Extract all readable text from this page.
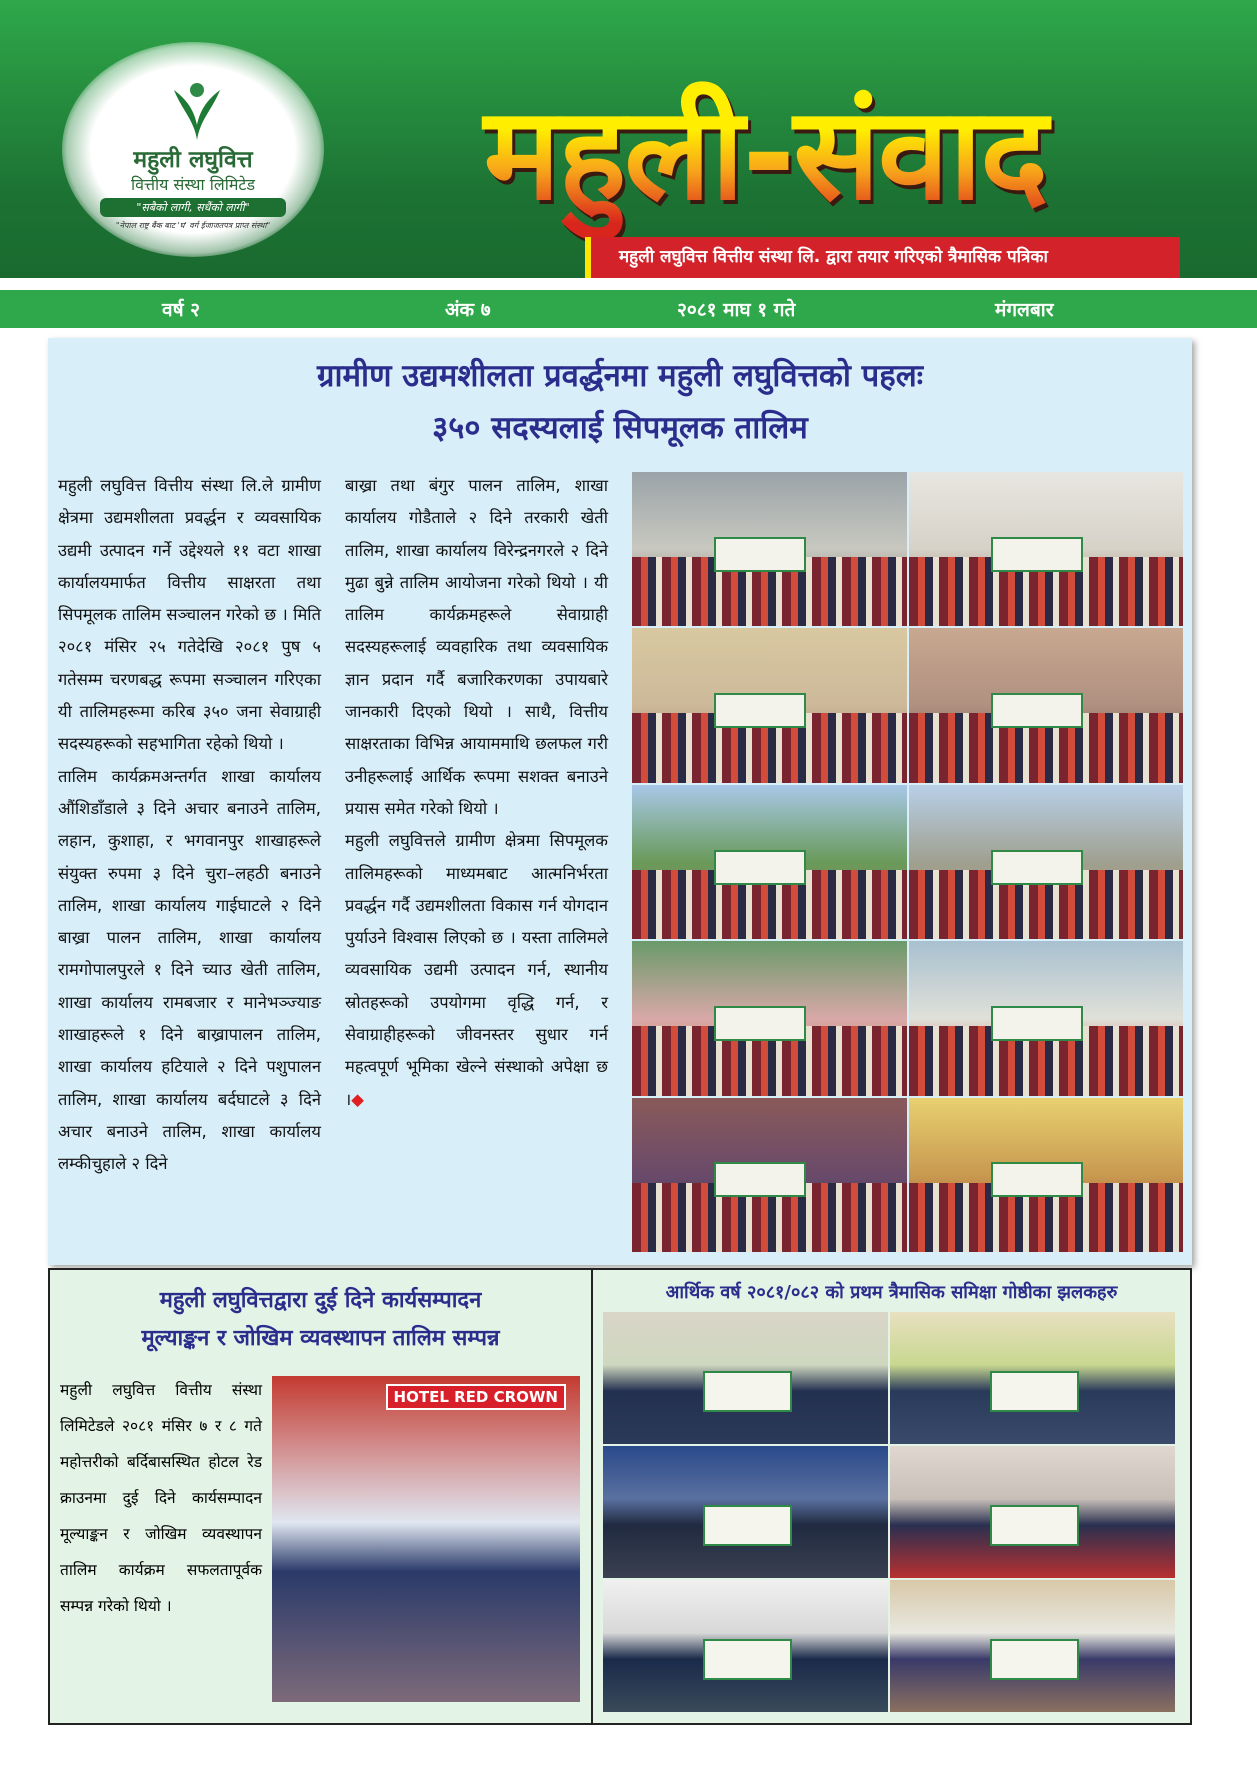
महुली लघुवित्त
वित्तीय संस्था लिमिटेड
"सबैको लागी, सधैंको लागी"
"नेपाल राष्ट्र बैंक बाट 'घ' वर्ग ईजाजतपत्र प्राप्त संस्था"	महुली-संवाद
महुली लघुवित्त वित्तीय संस्था लि. द्वारा तयार गरिएको त्रैमासिक पत्रिका
वर्ष २	अंक ७	२०८१ माघ १ गते	मंगलबार
ग्रामीण उद्यमशीलता प्रवर्द्धनमा महुली लघुवित्तको पहलः
३५० सदस्यलाई सिपमूलक तालिम

महुली लघुवित्त वित्तीय संस्था लि.ले ग्रामीण क्षेत्रमा उद्यमशीलता प्रवर्द्धन र व्यवसायिक उद्यमी उत्पादन गर्ने उद्देश्यले ११ वटा शाखा कार्यालयमार्फत वित्तीय साक्षरता तथा सिपमूलक तालिम सञ्चालन गरेको छ । मिति २०८१ मंसिर २५ गतेदेखि २०८१ पुष ५ गतेसम्म चरणबद्ध रूपमा सञ्चालन गरिएका यी तालिमहरूमा करिब ३५० जना सेवाग्राही सदस्यहरूको सहभागिता रहेको थियो ।

तालिम कार्यक्रमअन्तर्गत शाखा कार्यालय औंशिडाँडाले ३ दिने अचार बनाउने तालिम, लहान, कुशाहा, र भगवानपुर शाखाहरूले संयुक्त रुपमा ३ दिने चुरा–लहठी बनाउने तालिम, शाखा कार्यालय गाईघाटले २ दिने बाख्रा पालन तालिम, शाखा कार्यालय रामगोपालपुरले १ दिने च्याउ खेती तालिम, शाखा कार्यालय रामबजार र मानेभञ्ज्याङ शाखाहरूले १ दिने बाख्रापालन तालिम, शाखा कार्यालय हटियाले २ दिने पशुपालन तालिम, शाखा कार्यालय बर्दघाटले ३ दिने अचार बनाउने तालिम, शाखा कार्यालय लम्कीचुहाले २ दिने

बाख्रा तथा बंगुर पालन तालिम, शाखा कार्यालय गोडैताले २ दिने तरकारी खेती तालिम, शाखा कार्यालय विरेन्द्रनगरले २ दिने मुढा बुन्ने तालिम आयोजना गरेको थियो । यी तालिम कार्यक्रमहरूले सेवाग्राही सदस्यहरूलाई व्यवहारिक तथा व्यवसायिक ज्ञान प्रदान गर्दै बजारिकरणका उपायबारे जानकारी दिएको थियो । साथै, वित्तीय साक्षरताका विभिन्न आयाममाथि छलफल गरी उनीहरूलाई आर्थिक रूपमा सशक्त बनाउने प्रयास समेत गरेको थियो ।

महुली लघुवित्तले ग्रामीण क्षेत्रमा सिपमूलक तालिमहरूको माध्यमबाट आत्मनिर्भरता प्रवर्द्धन गर्दै उद्यमशीलता विकास गर्न योगदान पुर्याउने विश्वास लिएको छ । यस्ता तालिमले व्यवसायिक उद्यमी उत्पादन गर्न, स्थानीय स्रोतहरूको उपयोगमा वृद्धि गर्न, र सेवाग्राहीहरूको जीवनस्तर सुधार गर्न महत्वपूर्ण भूमिका खेल्ने संस्थाको अपेक्षा छ ।◆

महुली लघुवित्तद्वारा दुई दिने कार्यसम्पादन
मूल्याङ्कन र जोखिम व्यवस्थापन तालिम सम्पन्न
महुली लघुवित्त वित्तीय संस्था लिमिटेडले २०८१ मंसिर ७ र ८ गते महोत्तरीको बर्दिबासस्थित होटल रेड क्राउनमा दुई दिने कार्यसम्पादन मूल्याङ्कन र जोखिम व्यवस्थापन तालिम कार्यक्रम सफलतापूर्वक सम्पन्न गरेको थियो ।
HOTEL RED CROWN
आर्थिक वर्ष २०८१/०८२ को प्रथम त्रैमासिक समिक्षा गोष्ठीका झलकहरु
